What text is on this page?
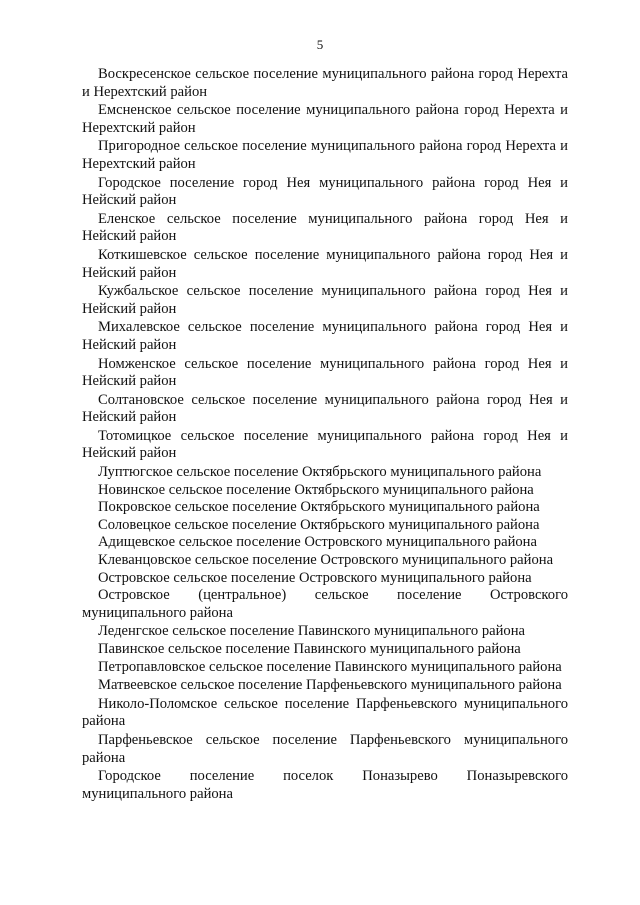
5

Воскресенское сельское поселение муниципального района город Нерехта и Нерехтский район

Емсненское сельское поселение муниципального района город Нерехта и Нерехтский район

Пригородное сельское поселение муниципального района город Нерехта и Нерехтский район

Городское поселение город Нея муниципального района город Нея и Нейский район

Еленское сельское поселение муниципального района город Нея и Нейский район

Коткишевское сельское поселение муниципального района город Нея и Нейский район

Кужбальское сельское поселение муниципального района город Нея и Нейский район

Михалевское сельское поселение муниципального района город Нея и Нейский район

Номженское сельское поселение муниципального района город Нея и Нейский район

Солтановское сельское поселение муниципального района город Нея и Нейский район

Тотомицкое сельское поселение муниципального района город Нея и Нейский район

Луптюгское сельское поселение Октябрьского муниципального района

Новинское сельское поселение Октябрьского муниципального района

Покровское сельское поселение Октябрьского муниципального района

Соловецкое сельское поселение Октябрьского муниципального района

Адищевское сельское поселение Островского муниципального района

Клеванцовское сельское поселение Островского муниципального района

Островское сельское поселение Островского муниципального района

Островское (центральное) сельское поселение Островского муниципального района

Леденгское сельское поселение Павинского муниципального района

Павинское сельское поселение Павинского муниципального района

Петропавловское сельское поселение Павинского муниципального района

Матвеевское сельское поселение Парфеньевского муниципального района

Николо-Поломское сельское поселение Парфеньевского муниципального района

Парфеньевское сельское поселение Парфеньевского муниципального района

Городское поселение поселок Поназырево Поназыревского муниципального района
